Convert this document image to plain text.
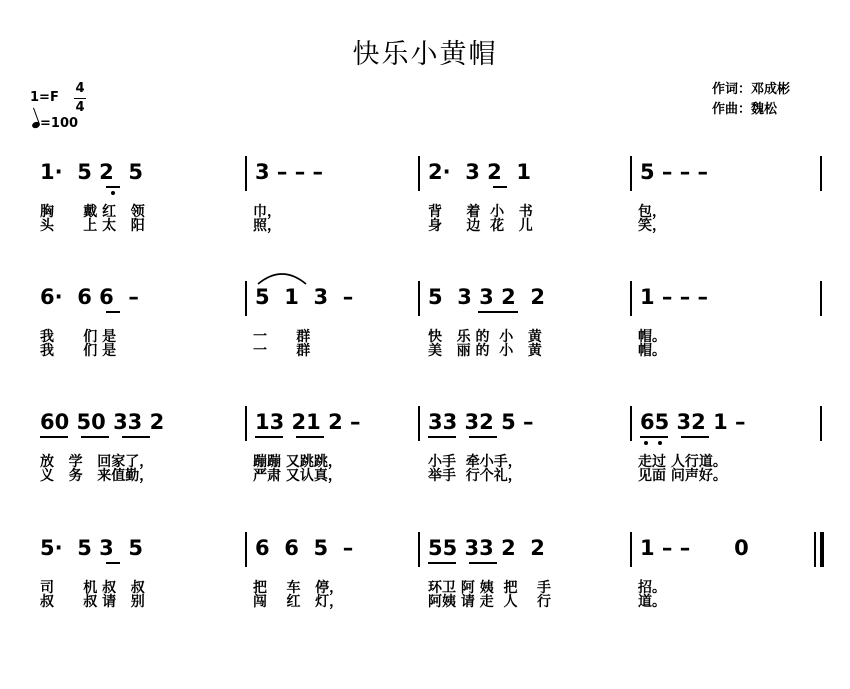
快乐小黄帽
作词：邓成彬
作曲：魏松
1=F
4
4
=100
1·  5 2  5	3 – – –	2·  3 2  1	5 – – –
胸      戴 红   领
头      上 太   阳
巾，
照，
背     着  小   书
身     边  花   儿
包，
笑，
6·  6 6  –	5  1  3  –	5  3 3 2  2	1 – – –
我      们 是
我      们 是
一      群
一      群
快   乐 的  小   黄
美   丽 的  小   黄
帽。
帽。
60 50 33 2	13 21 2 –	33 32 5 –	65 32 1 –
放   学   回家了，
义   务   来值勤，
蹦蹦 又跳跳，
严肃 又认真，
小手  牵小手，
举手  行个礼，
走过 人行道。
见面 问声好。
5·  5 3  5	6  6  5  –	55 33 2  2	1 – –      0
司      机 叔   叔
叔      叔 请   别
把    车   停，
闯    红   灯，
环卫 阿 姨  把    手
阿姨 请 走  人    行
招。
道。
